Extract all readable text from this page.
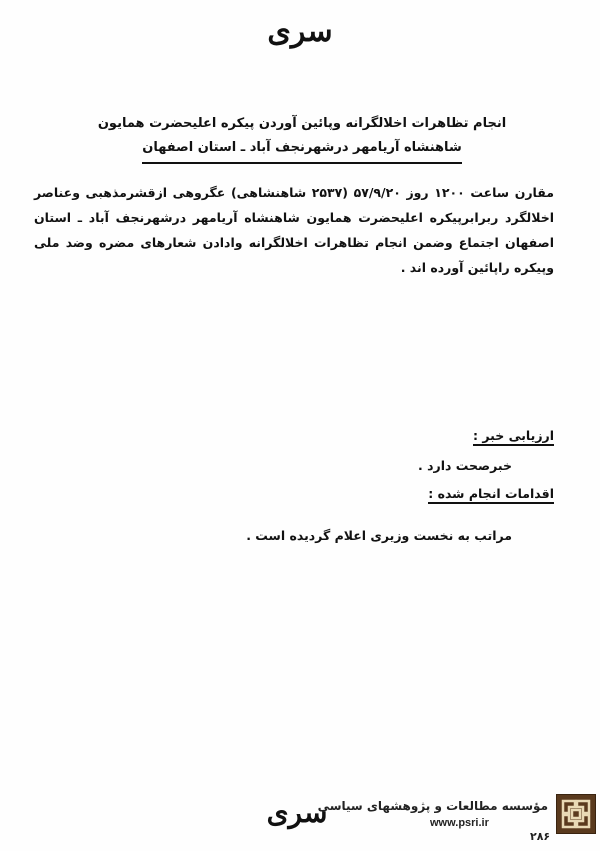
سری
انجام تظاهرات اخلالگرانه وپائین آوردن پیکره اعلیحضرت همایون
شاهنشاه آریامهر درشهرنجف آباد ـ استان اصفهان
مقارن ساعت ۱۲۰۰ روز ۵۷/۹/۲۰ (۲۵۳۷ شاهنشاهی) عگروهی ازقشرمذهبی وعناصر اخلالگرد ربرابرپیکره اعلیحضرت همایون شاهنشاه آریامهر درشهرنجف آباد ـ استان اصفهان اجتماع وضمن انجام تظاهرات اخلالگرانه وادادن شعارهای مضره وضد ملی وپیکره راپائین آورده اند .
ارزیابی خبر :
خبرصحت دارد .
اقدامات انجام شده :
مراتب به نخست وزیری اعلام گردیده است .
سری
مؤسسه مطالعات و پژوهشهای سیاسی
www.psri.ir
۲۸۶
